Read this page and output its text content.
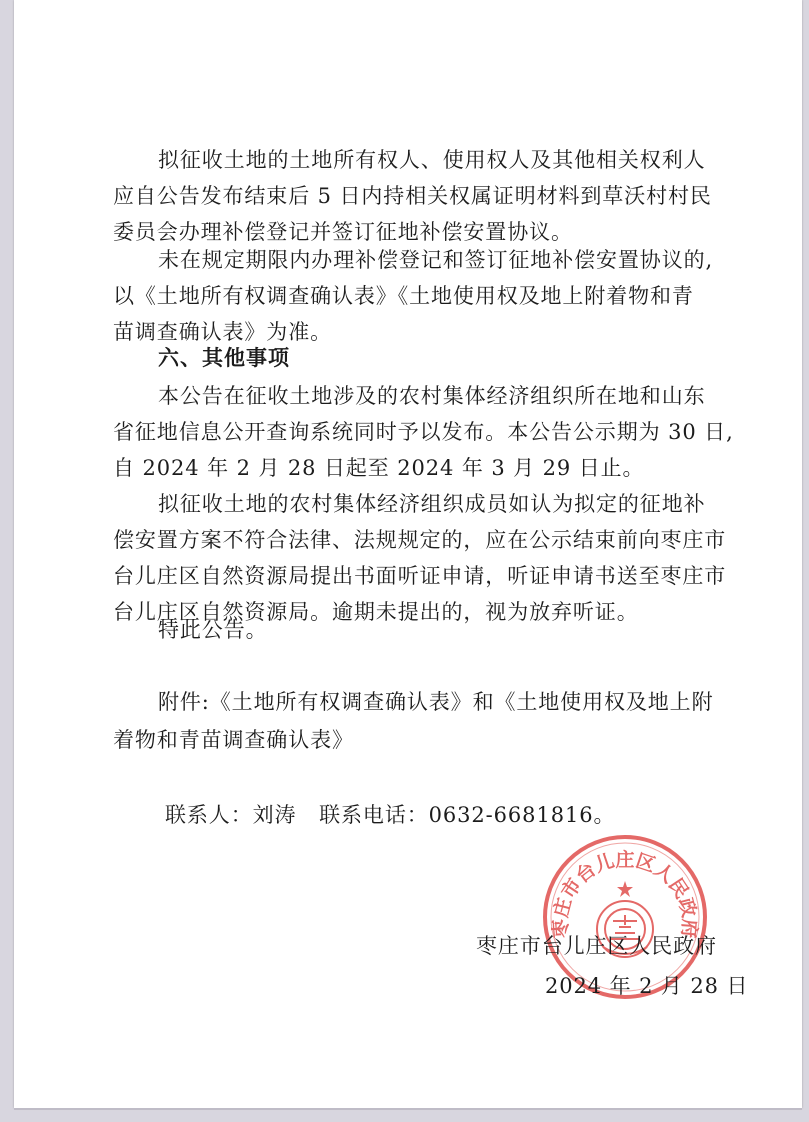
拟征收土地的土地所有权人、使用权人及其他相关权利人

应自公告发布结束后 5 日内持相关权属证明材料到草沃村村民
委员会办理补偿登记并签订征地补偿安置协议。

未在规定期限内办理补偿登记和签订征地补偿安置协议的,

以《土地所有权调查确认表》《土地使用权及地上附着物和青
苗调查确认表》为准。

六、其他事项

本公告在征收土地涉及的农村集体经济组织所在地和山东

省征地信息公开查询系统同时予以发布。本公告公示期为 30 日,
自 2024 年 2 月 28 日起至 2024 年 3 月 29 日止。

拟征收土地的农村集体经济组织成员如认为拟定的征地补

偿安置方案不符合法律、法规规定的，应在公示结束前向枣庄市
台儿庄区自然资源局提出书面听证申请，听证申请书送至枣庄市
台儿庄区自然资源局。逾期未提出的，视为放弃听证。

特此公告。

附件:《土地所有权调查确认表》和《土地使用权及地上附

着物和青苗调查确认表》

联系人：刘涛   联系电话：0632-6681816。

枣庄市台儿庄区人民政府
枣庄市台儿庄区人民政府
2024 年 2 月 28 日
